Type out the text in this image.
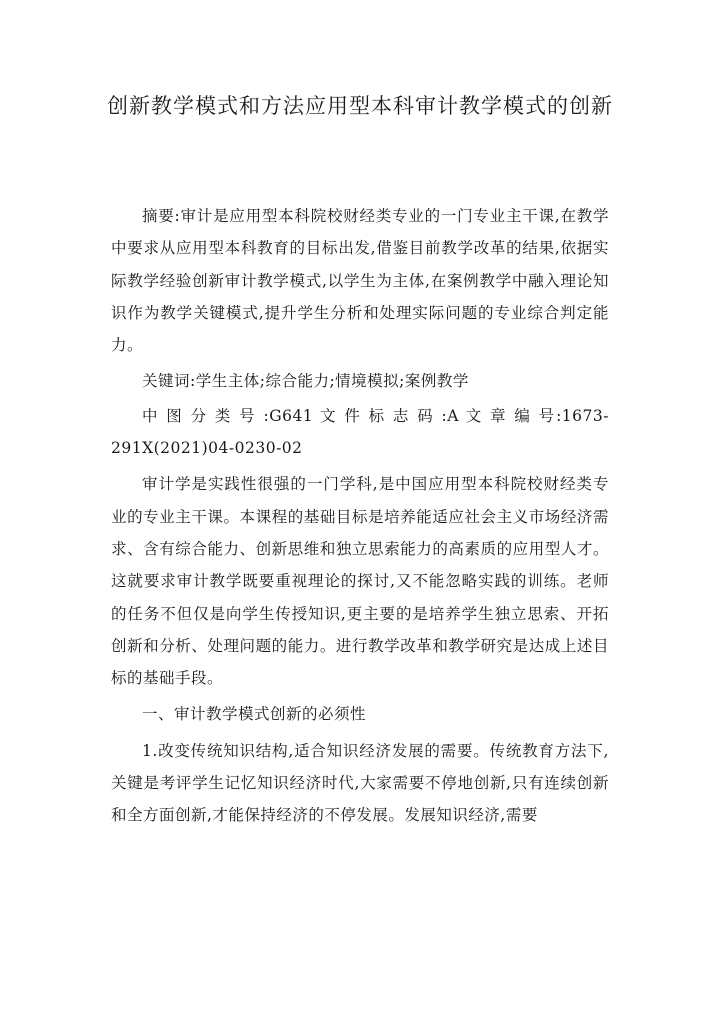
创新教学模式和方法应用型本科审计教学模式的创新

摘要:审计是应用型本科院校财经类专业的一门专业主干课,在教学中要求从应用型本科教育的目标出发,借鉴目前教学改革的结果,依据实际教学经验创新审计教学模式,以学生为主体,在案例教学中融入理论知识作为教学关键模式,提升学生分析和处理实际问题的专业综合判定能力。

关键词:学生主体;综合能力;情境模拟;案例教学

中 图 分 类 号 :G641 文 件 标 志 码 :A 文 章 编 号:1673-291X(2021)04-0230-02

审计学是实践性很强的一门学科,是中国应用型本科院校财经类专业的专业主干课。本课程的基础目标是培养能适应社会主义市场经济需求、含有综合能力、创新思维和独立思索能力的高素质的应用型人才。这就要求审计教学既要重视理论的探讨,又不能忽略实践的训练。老师的任务不但仅是向学生传授知识,更主要的是培养学生独立思索、开拓创新和分析、处理问题的能力。进行教学改革和教学研究是达成上述目标的基础手段。

一、审计教学模式创新的必须性

1.改变传统知识结构,适合知识经济发展的需要。传统教育方法下,关键是考评学生记忆知识经济时代,大家需要不停地创新,只有连续创新和全方面创新,才能保持经济的不停发展。发展知识经济,需要
